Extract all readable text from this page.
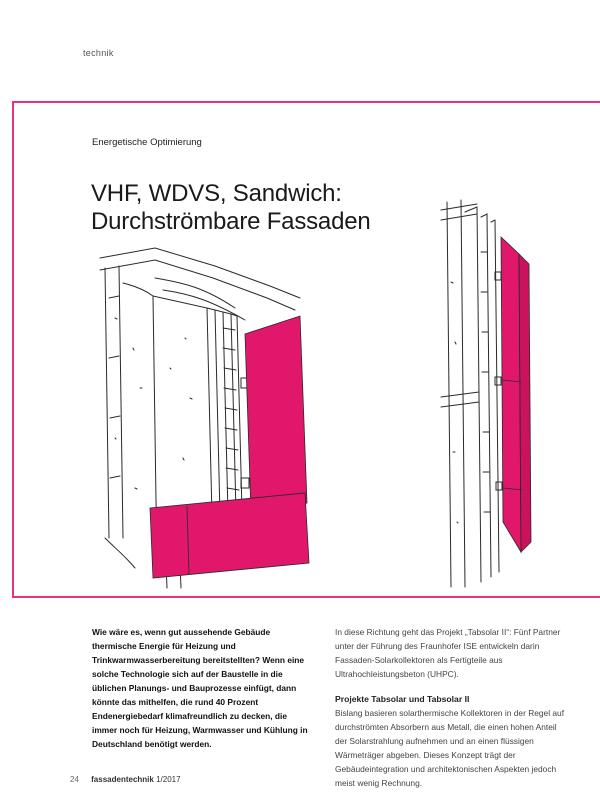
technik
Energetische Optimierung
VHF, WDVS, Sandwich:
Durchströmbare Fassaden

Wie wäre es, wenn gut aussehende Gebäude thermische Energie für Heizung und Trinkwarmwasserbereitung bereitstellten? Wenn eine solche Technologie sich auf der Baustelle in die üblichen Planungs- und Bauprozesse einfügt, dann könnte das mithelfen, die rund 40 Prozent Endenergiebedarf klimafreundlich zu decken, die immer noch für Heizung, Warmwasser und Kühlung in Deutschland benötigt werden.

In diese Richtung geht das Projekt „Tabsolar II“: Fünf Partner unter der Führung des Fraunhofer ISE entwickeln darin Fassaden-Solarkollektoren als Fertigteile aus Ultrahochleistungsbeton (UHPC).

Projekte Tabsolar und Tabsolar II

Bislang basieren solarthermische Kollektoren in der Regel auf durchströmten Absorbern aus Metall, die einen hohen Anteil der Solarstrahlung aufnehmen und an einen flüssigen Wärmeträger abgeben. Dieses Konzept trägt der Gebäudeintegration und architektonischen Aspekten jedoch meist wenig Rechnung.

24 fassadentechnik 1/2017
